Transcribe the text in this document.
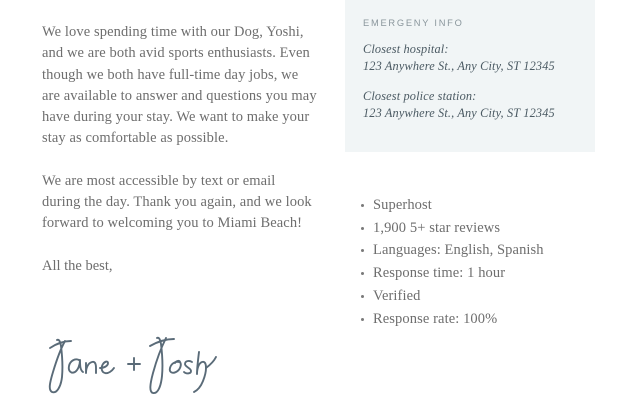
We love spending time with our Dog, Yoshi, and we are both avid sports enthusiasts. Even though we both have full-time day jobs, we are available to answer and questions you may have during your stay. We want to make your stay as comfortable as possible.

We are most accessible by text or email during the day. Thank you again, and we look forward to welcoming you to Miami Beach!

All the best,

EMERGENY INFO

Closest hospital:

123 Anywhere St., Any City, ST 12345

Closest police station:

123 Anywhere St., Any City, ST 12345

Superhost
1,900 5+ star reviews
Languages: English, Spanish
Response time: 1 hour
Verified
Response rate: 100%
